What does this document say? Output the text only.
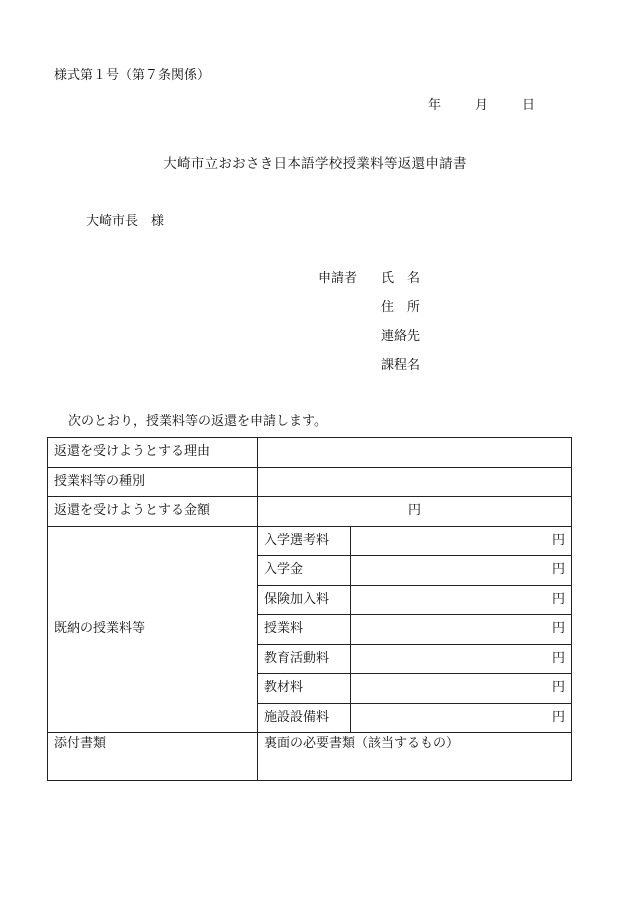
様式第１号（第７条関係）
年	月	日
大崎市立おおさき日本語学校授業料等返還申請書
大崎市長　様
申請者 氏　名
住　所
連絡先
課程名
次のとおり，授業料等の返還を申請します。
返還を受けようとする理由		
授業料等の種別		
返還を受けようとする金額	円	
既納の授業料等	入学選考料	円
	入学金	円
	保険加入料	円
	授業料	円
	教育活動料	円
	教材料	円
	施設設備料	円
添付書類	裏面の必要書類（該当するもの）	
